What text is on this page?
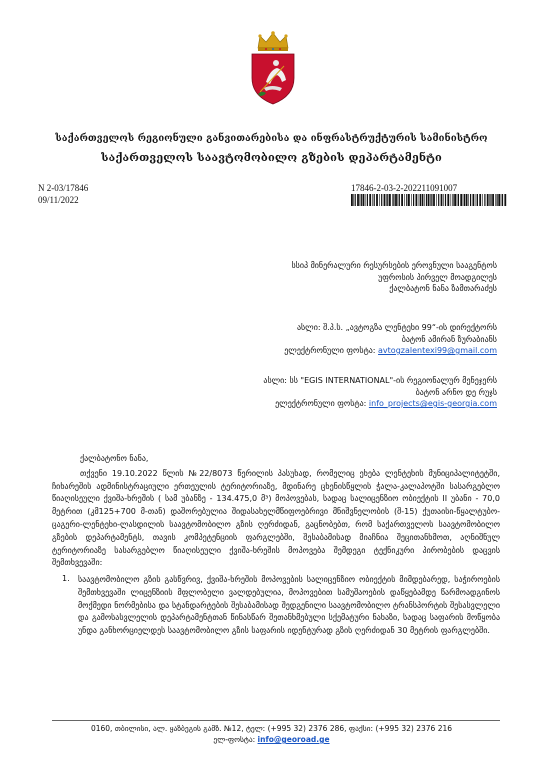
საქართველოს რეგიონული განვითარებისა და ინფრასტრუქტურის სამინისტრო
საქართველოს საავტომობილო გზების დეპარტამენტი
N 2-03/17846
09/11/2022
17846-2-03-2-202211091007
სსიპ მინერალური რესურსების ეროვნული სააგენტოს
უფროსის პირველ მოადგილეს
ქალბატონ ნანა ზამთარაძეს
ასლი: შ.პ.ს. „ავტოგზა ლენტეხი 99“-ის დირექტორს
ბატონ ამირან ზურაბიანს
ელექტრონული ფოსტა: avtogzalentexi99@gmail.com
ასლი: სს "EGIS INTERNATIONAL"-ის რეგიონალურ მენეჯერს
ბატონ არნო დე რუჯს
ელექტრონული ფოსტა: info_projects@egis-georgia.com
ქალბატონო ნანა,
თქვენი 19.10.2022 წლის №22/8073 წერილის პასუხად, რომელიც ეხება ლენტეხის მუნიციპალიტეტში, ჩიხარეშის ადმინისტრაციული ერთეულის ტერიტორიაზე, მდინარე ცხენისწყლის ჭალა-კალაპოტში სასარგებლო წიაღისეული ქვიშა-ხრეშის ( სამ უბანზე - 134.475,0 მ³) მოპოვებას, სადაც სალიცენზიო ობიექტის II უბანი - 70,0 მეტრით (კმ125+700 მ-თან) დაშორებულია შიდასახელმწიფოებრივი მნიშვნელობის (შ-15) ქუთაისი-წყალტუბო-ცაგერი-ლენტეხი-ლასდილის საავტომობილო გზის ღერძიდან, გაცნობებთ, რომ საქართველოს საავტომობილო გზების დეპარტამენტს, თავის კომპეტენციის ფარგლებში, შესაბამისად მიაჩნია შეცითანხმოთ, აღნიშნულ ტერიტორიაზე სასარგებლო წიაღისეული ქვიშა-ხრეშის მოპოვება შემდეგი ტექნიკური პირობების დაცვის შემთხვევაში:
1. საავტომობილო გზის გასწვრივ, ქვიშა-ხრეშის მოპოვების სალიცენზიო ობიექტის მიმდებარედ, საჭიროების შემთხვევაში ლიცენზიის მფლობელი ვალდებულია, მოპოვებით სამუშაოების დაწყებამდე წარმოადგინოს მოქმედი ნორმებისა და სტანდარტების შესაბამისად შედგენილი საავტომობილო ტრანსპორტის შესასვლელი და გამოსასვლელის დეპარტამენტთან წინასწარ შეთანხმებული სქემატური ნახაზი, სადაც საფარის მოწყობა უნდა განხორციელდეს საავტომობილო გზის საფარის იდენტურად გზის ღერძიდან 30 მეტრის ფარგლებში.
0160, თბილისი, ალ. ყაზბეგის გამზ. №12, ტელ: (+995 32) 2376 286, ფაქსი: (+995 32) 2376 216
ელ-ფოსტა: info@georoad.ge
